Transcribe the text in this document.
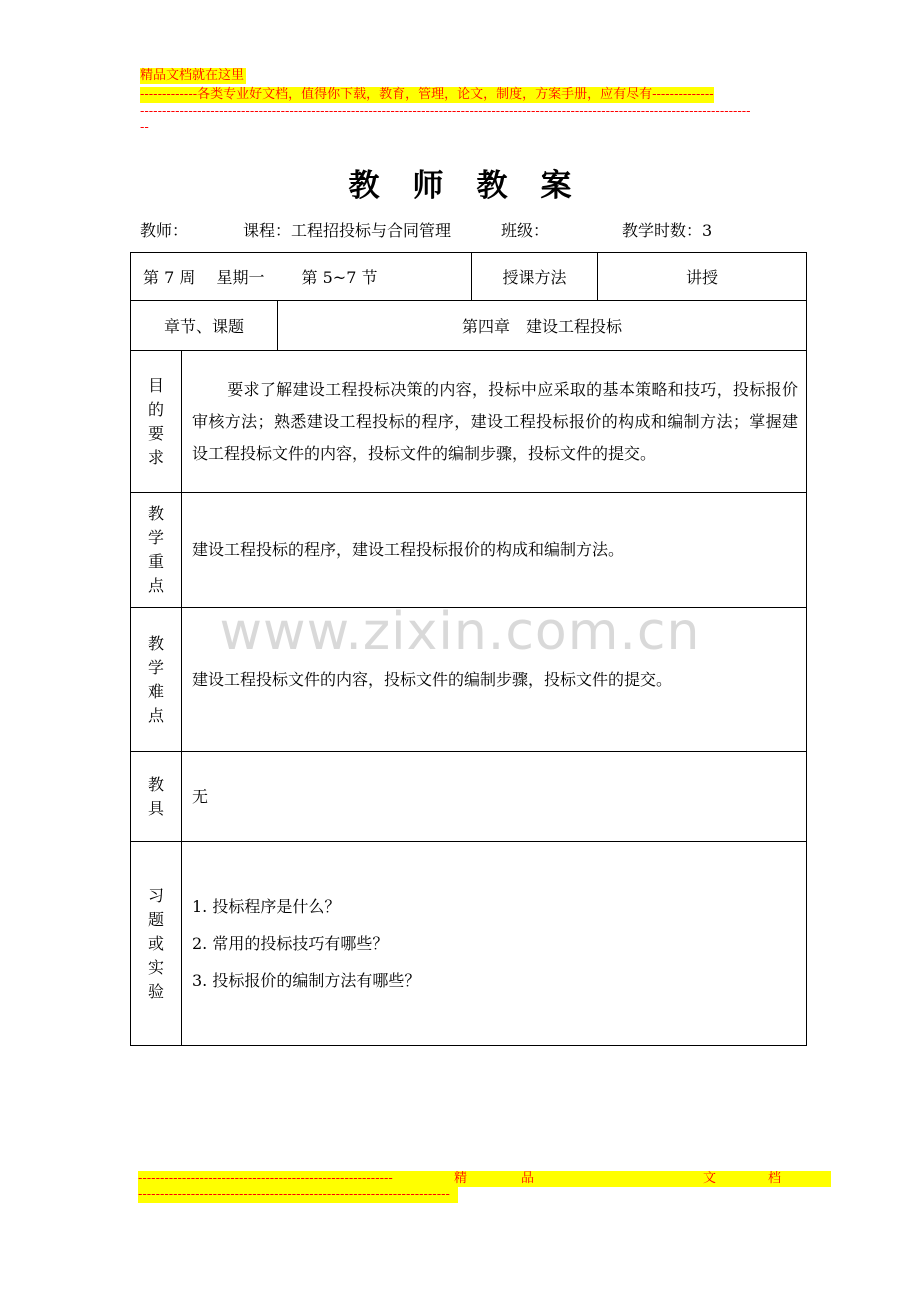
精品文档就在这里
-------------各类专业好文档，值得你下载，教育，管理，论文，制度，方案手册，应有尽有--------------
-------------------------------------------------------------------------------------------------------------------------------------------
--
教师教案
教师：	课程：工程招投标与合同管理	班级：	教学时数：3
第 7 周　 星期一　　 第 5~7 节			授课方法	讲授
章节、课题		第四章　建设工程投标		

目
的
要
求	要求了解建设工程投标决策的内容，投标中应采取的基本策略和技巧，投标报价审核方法；熟悉建设工程投标的程序，建设工程投标报价的构成和编制方法；掌握建设工程投标文件的内容，投标文件的编制步骤，投标文件的提交。			

教
学
重
点	建设工程投标的程序，建设工程投标报价的构成和编制方法。			

教
学
难
点	建设工程投标文件的内容，投标文件的编制步骤，投标文件的提交。			

教
具	无			

习
题
或
实
验	1. 投标程序是什么？
2. 常用的投标技巧有哪些？
3. 投标报价的编制方法有哪些？			
www.zixin.com.cn
----------------------------------------------------------	精	品	文	档
-----------------------------------------------------------------------
